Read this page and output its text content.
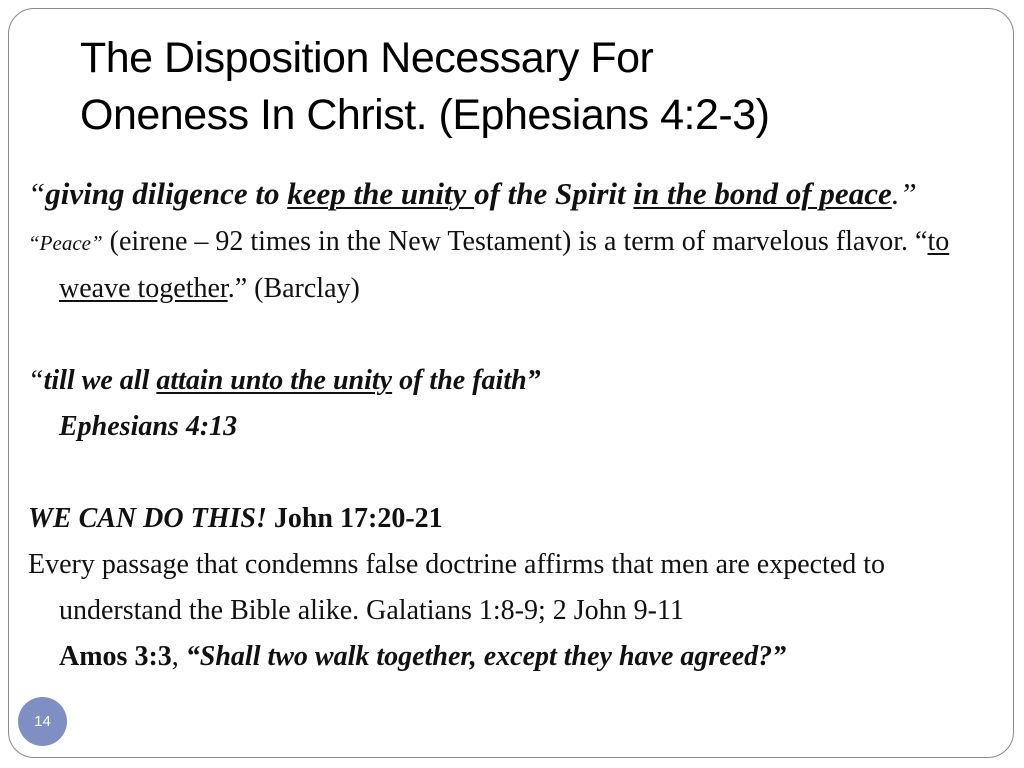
The Disposition Necessary For
Oneness In Christ. (Ephesians 4:2-3)

“giving diligence to keep the unity of the Spirit in the bond of peace.”

“Peace” (eirene – 92 times in the New Testament) is a term of marvelous flavor. “to weave together.” (Barclay)

“till we all attain unto the unity of the faith”
Ephesians 4:13

WE CAN DO THIS! John 17:20-21

Every passage that condemns false doctrine affirms that men are expected to understand the Bible alike. Galatians 1:8-9; 2 John 9-11

Amos 3:3, “Shall two walk together, except they have agreed?”

14
